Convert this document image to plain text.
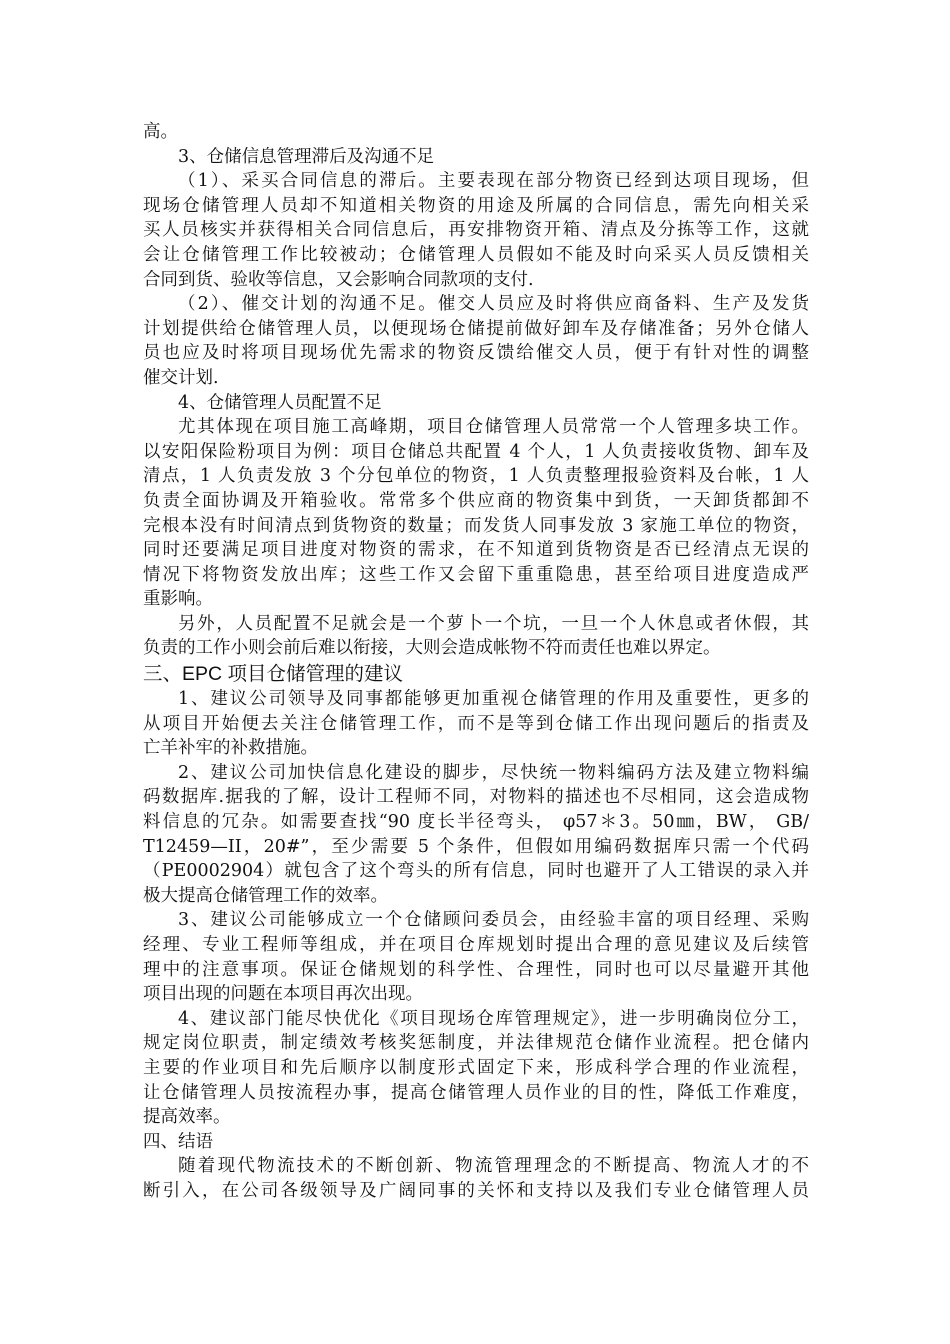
高。

3、仓储信息管理滞后及沟通不足

（1）、采买合同信息的滞后。主要表现在部分物资已经到达项目现场，但

现场仓储管理人员却不知道相关物资的用途及所属的合同信息，需先向相关采

买人员核实并获得相关合同信息后，再安排物资开箱、清点及分拣等工作，这就

会让仓储管理工作比较被动；仓储管理人员假如不能及时向采买人员反馈相关

合同到货、验收等信息，又会影响合同款项的支付.

（2）、催交计划的沟通不足。催交人员应及时将供应商备料、生产及发货

计划提供给仓储管理人员，以便现场仓储提前做好卸车及存储准备；另外仓储人

员也应及时将项目现场优先需求的物资反馈给催交人员，便于有针对性的调整

催交计划.

4、仓储管理人员配置不足

尤其体现在项目施工高峰期，项目仓储管理人员常常一个人管理多块工作。

以安阳保险粉项目为例：项目仓储总共配置 4 个人，1 人负责接收货物、卸车及

清点，1 人负责发放 3 个分包单位的物资，1 人负责整理报验资料及台帐，1 人

负责全面协调及开箱验收。常常多个供应商的物资集中到货，一天卸货都卸不

完根本没有时间清点到货物资的数量；而发货人同事发放 3 家施工单位的物资，

同时还要满足项目进度对物资的需求，在不知道到货物资是否已经清点无误的

情况下将物资发放出库；这些工作又会留下重重隐患，甚至给项目进度造成严

重影响。

另外，人员配置不足就会是一个萝卜一个坑，一旦一个人休息或者休假，其

负责的工作小则会前后难以衔接，大则会造成帐物不符而责任也难以界定。

三、EPC 项目仓储管理的建议

1、建议公司领导及同事都能够更加重视仓储管理的作用及重要性，更多的

从项目开始便去关注仓储管理工作，而不是等到仓储工作出现问题后的指责及

亡羊补牢的补救措施。

2、建议公司加快信息化建设的脚步，尽快统一物料编码方法及建立物料编

码数据库.据我的了解，设计工程师不同，对物料的描述也不尽相同，这会造成物

料信息的冗杂。如需要查找“90 度长半径弯头， φ57＊3。50㎜，BW， GB/

T12459—II，20#”，至少需要 5 个条件，但假如用编码数据库只需一个代码

（PE0002904）就包含了这个弯头的所有信息，同时也避开了人工错误的录入并

极大提高仓储管理工作的效率。

3、建议公司能够成立一个仓储顾问委员会，由经验丰富的项目经理、采购

经理、专业工程师等组成，并在项目仓库规划时提出合理的意见建议及后续管

理中的注意事项。保证仓储规划的科学性、合理性，同时也可以尽量避开其他

项目出现的问题在本项目再次出现。

4、建议部门能尽快优化《项目现场仓库管理规定》，进一步明确岗位分工，

规定岗位职责，制定绩效考核奖惩制度，并法律规范仓储作业流程。把仓储内

主要的作业项目和先后顺序以制度形式固定下来，形成科学合理的作业流程，

让仓储管理人员按流程办事，提高仓储管理人员作业的目的性，降低工作难度，

提高效率。

四、结语

随着现代物流技术的不断创新、物流管理理念的不断提高、物流人才的不

断引入，在公司各级领导及广阔同事的关怀和支持以及我们专业仓储管理人员
